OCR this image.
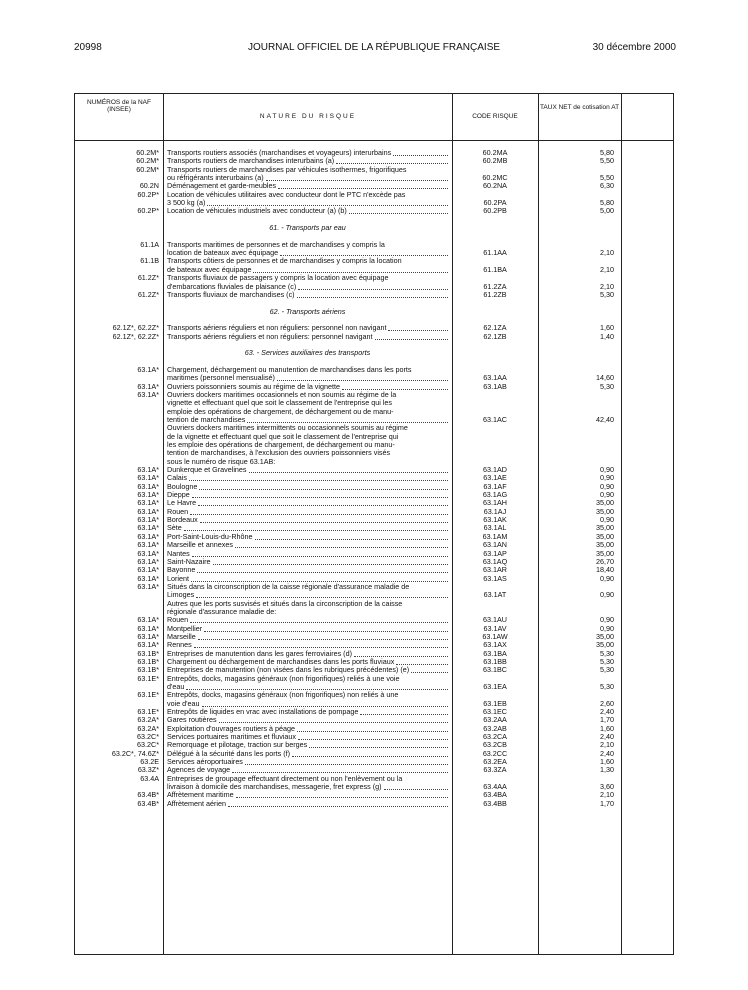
20998	JOURNAL OFFICIEL DE LA RÉPUBLIQUE FRANÇAISE	30 décembre 2000
NUMÉROS de la NAF (INSEE)
NATURE DU RISQUE	CODE RISQUE
TAUX NET de cotisation AT
60.2M* Transports routiers associés (marchandises et voyageurs) interurbains	60.2MA	5,80
60.2M* Transports routiers de marchandises interurbains (a)	60.2MB	5,50
60.2M* Transports routiers de marchandises par véhicules isothermes, frigorifiques
ou réfrigérants interurbains (a)	60.2MC	5,50
60.2N Déménagement et garde-meubles	60.2NA	6,30
60.2P* Location de véhicules utilitaires avec conducteur dont le PTC n'excède pas
3 500 kg (a)	60.2PA	5,80
60.2P* Location de véhicules industriels avec conducteur (a) (b)	60.2PB	5,00
61. - Transports par eau
61.1A Transports maritimes de personnes et de marchandises y compris la
location de bateaux avec équipage	61.1AA	2,10
61.1B Transports côtiers de personnes et de marchandises y compris la location
de bateaux avec équipage	61.1BA	2,10
61.2Z* Transports fluviaux de passagers y compris la location avec équipage
d'embarcations fluviales de plaisance (c)	61.2ZA	2,10
61.2Z* Transports fluviaux de marchandises (c)	61.2ZB	5,30
62. - Transports aériens
62.1Z*, 62.2Z* Transports aériens réguliers et non réguliers: personnel non navigant	62.1ZA	1,60
62.1Z*, 62.2Z* Transports aériens réguliers et non réguliers: personnel navigant	62.1ZB	1,40
63. - Services auxiliaires des transports
63.1A* Chargement, déchargement ou manutention de marchandises dans les ports
maritimes (personnel mensualisé)	63.1AA	14,60
63.1A* Ouvriers poissonniers soumis au régime de la vignette	63.1AB	5,30
63.1A* Ouvriers dockers maritimes occasionnels et non soumis au régime de la
vignette et effectuant quel que soit le classement de l'entreprise qui les
emploie des opérations de chargement, de déchargement ou de manu-
tention de marchandises	63.1AC	42,40
Ouvriers dockers maritimes intermittents ou occasionnels soumis au régime
de la vignette et effectuant quel que soit le classement de l'entreprise qui
les emploie des opérations de chargement, de déchargement ou manu-
tention de marchandises, à l'exclusion des ouvriers poissonniers visés
sous le numéro de risque 63.1AB:
63.1A* Dunkerque et Gravelines	63.1AD	0,90
63.1A* Calais	63.1AE	0,90
63.1A* Boulogne	63.1AF	0,90
63.1A* Dieppe	63.1AG	0,90
63.1A* Le Havre	63.1AH	35,00
63.1A* Rouen	63.1AJ	35,00
63.1A* Bordeaux	63.1AK	0,90
63.1A* Sète	63.1AL	35,00
63.1A* Port-Saint-Louis-du-Rhône	63.1AM	35,00
63.1A* Marseille et annexes	63.1AN	35,00
63.1A* Nantes	63.1AP	35,00
63.1A* Saint-Nazaire	63.1AQ	26,70
63.1A* Bayonne	63.1AR	18,40
63.1A* Lorient	63.1AS	0,90
63.1A* Situés dans la circonscription de la caisse régionale d'assurance maladie de
Limoges	63.1AT	0,90
Autres que les ports susvisés et situés dans la circonscription de la caisse
régionale d'assurance maladie de:
63.1A* Rouen	63.1AU	0,90
63.1A* Montpellier	63.1AV	0,90
63.1A* Marseille	63.1AW	35,00
63.1A* Rennes	63.1AX	35,00
63.1B* Entreprises de manutention dans les gares ferroviaires (d)	63.1BA	5,30
63.1B* Chargement ou déchargement de marchandises dans les ports fluviaux	63.1BB	5,30
63.1B* Entreprises de manutention (non visées dans les rubriques précédentes) (e)	63.1BC	5,30
63.1E* Entrepôts, docks, magasins généraux (non frigorifiques) reliés à une voie
d'eau	63.1EA	5,30
63.1E* Entrepôts, docks, magasins généraux (non frigorifiques) non reliés à une
voie d'eau	63.1EB	2,60
63.1E* Entrepôts de liquides en vrac avec installations de pompage	63.1EC	2,40
63.2A* Gares routières	63.2AA	1,70
63.2A* Exploitation d'ouvrages routiers à péage	63.2AB	1,60
63.2C* Services portuaires maritimes et fluviaux	63.2CA	2,40
63.2C* Remorquage et pilotage, traction sur berges	63.2CB	2,10
63.2C*, 74.6Z* Délégué à la sécurité dans les ports (f)	63.2CC	2,40
63.2E Services aéroportuaires	63.2EA	1,60
63.3Z* Agences de voyage	63.3ZA	1,30
63.4A Entreprises de groupage effectuant directement ou non l'enlèvement ou la
livraison à domicile des marchandises, messagerie, fret express (g)	63.4AA	3,60
63.4B* Affrètement maritime	63.4BA	2,10
63.4B* Affrètement aérien	63.4BB	1,70
